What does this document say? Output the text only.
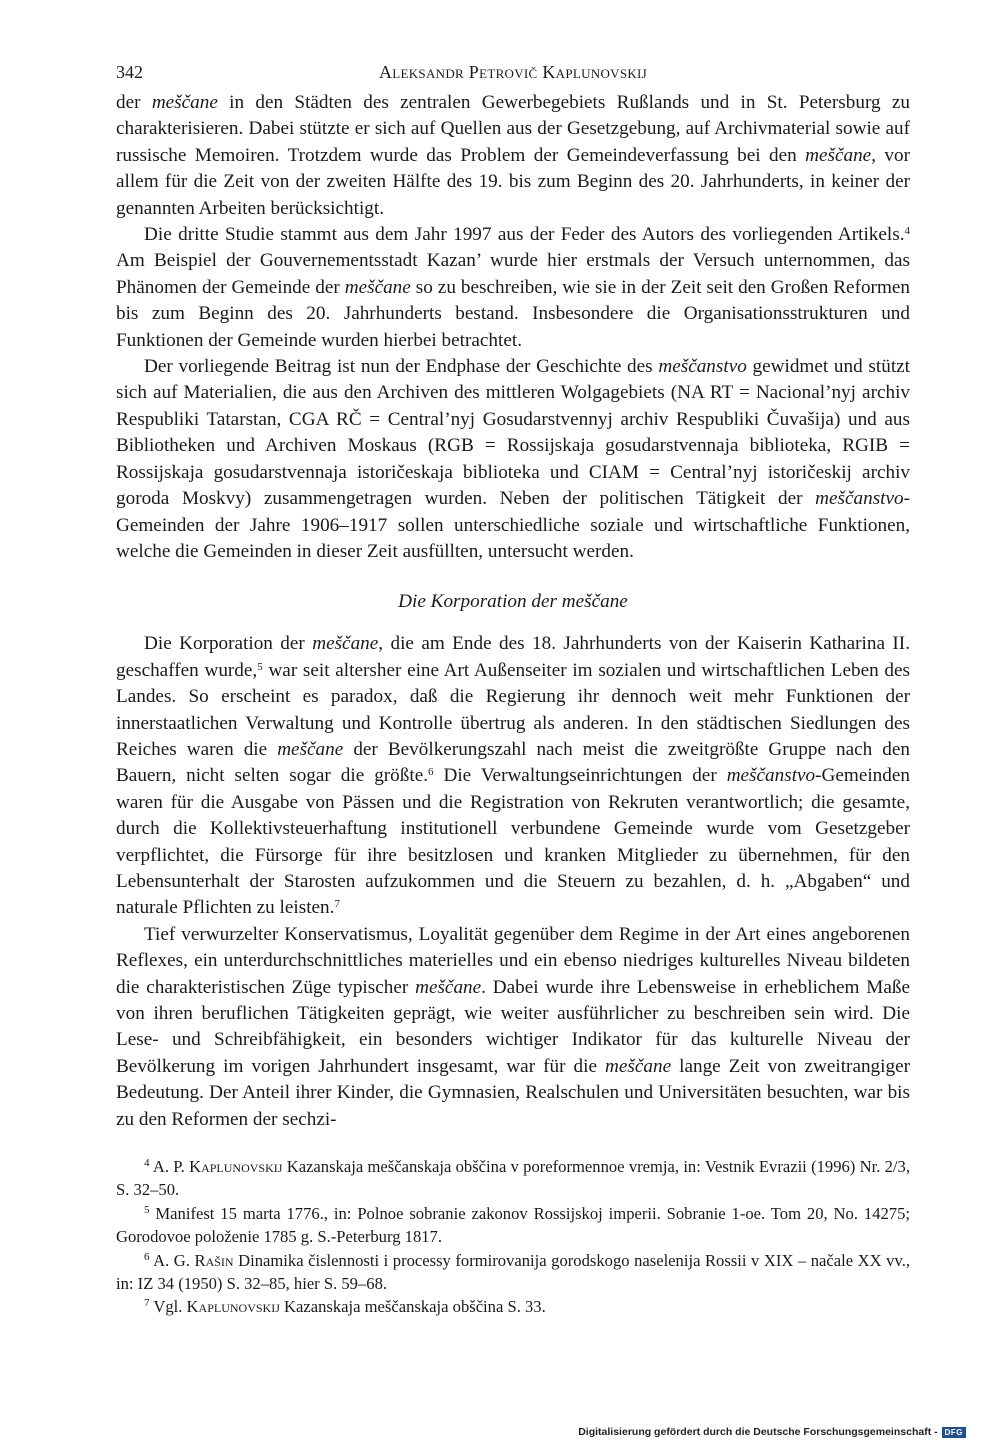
342	Aleksandr Petrovič Kaplunovskij

der meščane in den Städten des zentralen Gewerbegebiets Rußlands und in St. Petersburg zu charakterisieren. Dabei stützte er sich auf Quellen aus der Gesetzgebung, auf Archivmaterial sowie auf russische Memoiren. Trotzdem wurde das Problem der Gemeindeverfassung bei den meščane, vor allem für die Zeit von der zweiten Hälfte des 19. bis zum Beginn des 20. Jahrhunderts, in keiner der genannten Arbeiten berücksichtigt.

Die dritte Studie stammt aus dem Jahr 1997 aus der Feder des Autors des vorliegenden Artikels.$^4$ Am Beispiel der Gouvernementsstadt Kazan’ wurde hier erstmals der Versuch unternommen, das Phänomen der Gemeinde der meščane so zu beschreiben, wie sie in der Zeit seit den Großen Reformen bis zum Beginn des 20. Jahrhunderts bestand. Insbesondere die Organisationsstrukturen und Funktionen der Gemeinde wurden hierbei betrachtet.

Der vorliegende Beitrag ist nun der Endphase der Geschichte des meščanstvo gewidmet und stützt sich auf Materialien, die aus den Archiven des mittleren Wolgagebiets (NA RT = Nacional’nyj archiv Respubliki Tatarstan, CGA RČ = Central’nyj Gosudarstvennyj archiv Respubliki Čuvašija) und aus Bibliotheken und Archiven Moskaus (RGB = Rossijskaja gosudarstvennaja biblioteka, RGIB = Rossijskaja gosudarstvennaja istoričeskaja biblioteka und CIAM = Central’nyj istoričeskij archiv goroda Moskvy) zusammengetragen wurden. Neben der politischen Tätigkeit der meščanstvo-Gemeinden der Jahre 1906–1917 sollen unterschiedliche soziale und wirtschaftliche Funktionen, welche die Gemeinden in dieser Zeit ausfüllten, untersucht werden.

Die Korporation der meščane

Die Korporation der meščane, die am Ende des 18. Jahrhunderts von der Kaiserin Katharina II. geschaffen wurde,$^5$ war seit altersher eine Art Außenseiter im sozialen und wirtschaftlichen Leben des Landes. So erscheint es paradox, daß die Regierung ihr dennoch weit mehr Funktionen der innerstaatlichen Verwaltung und Kontrolle übertrug als anderen. In den städtischen Siedlungen des Reiches waren die meščane der Bevölkerungszahl nach meist die zweitgrößte Gruppe nach den Bauern, nicht selten sogar die größte.$^6$ Die Verwaltungseinrichtungen der meščanstvo-Gemeinden waren für die Ausgabe von Pässen und die Registration von Rekruten verantwortlich; die gesamte, durch die Kollektivsteuerhaftung institutionell verbundene Gemeinde wurde vom Gesetzgeber verpflichtet, die Fürsorge für ihre besitzlosen und kranken Mitglieder zu übernehmen, für den Lebensunterhalt der Starosten aufzukommen und die Steuern zu bezahlen, d. h. „Abgaben“ und naturale Pflichten zu leisten.$^7$

Tief verwurzelter Konservatismus, Loyalität gegenüber dem Regime in der Art eines angeborenen Reflexes, ein unterdurchschnittliches materielles und ein ebenso niedriges kulturelles Niveau bildeten die charakteristischen Züge typischer meščane. Dabei wurde ihre Lebensweise in erheblichem Maße von ihren beruflichen Tätigkeiten geprägt, wie weiter ausführlicher zu beschreiben sein wird. Die Lese- und Schreibfähigkeit, ein besonders wichtiger Indikator für das kulturelle Niveau der Bevölkerung im vorigen Jahrhundert insgesamt, war für die meščane lange Zeit von zweitrangiger Bedeutung. Der Anteil ihrer Kinder, die Gymnasien, Realschulen und Universitäten besuchten, war bis zu den Reformen der sechzi-

$^4$ A. P. Kaplunovskij Kazanskaja meščanskaja obščina v poreformennoe vremja, in: Vestnik Evrazii (1996) Nr. 2/3, S. 32–50.

$^5$ Manifest 15 marta 1776., in: Polnoe sobranie zakonov Rossijskoj imperii. Sobranie 1-oe. Tom 20, No. 14275; Gorodovoe položenie 1785 g. S.-Peterburg 1817.

$^6$ A. G. Rašin Dinamika čislennosti i processy formirovanija gorodskogo naselenija Rossii v XIX – načale XX vv., in: IZ 34 (1950) S. 32–85, hier S. 59–68.

$^7$ Vgl. Kaplunovskij Kazanskaja meščanskaja obščina S. 33.

Digitalisierung gefördert durch die Deutsche Forschungsgemeinschaft - DFG
